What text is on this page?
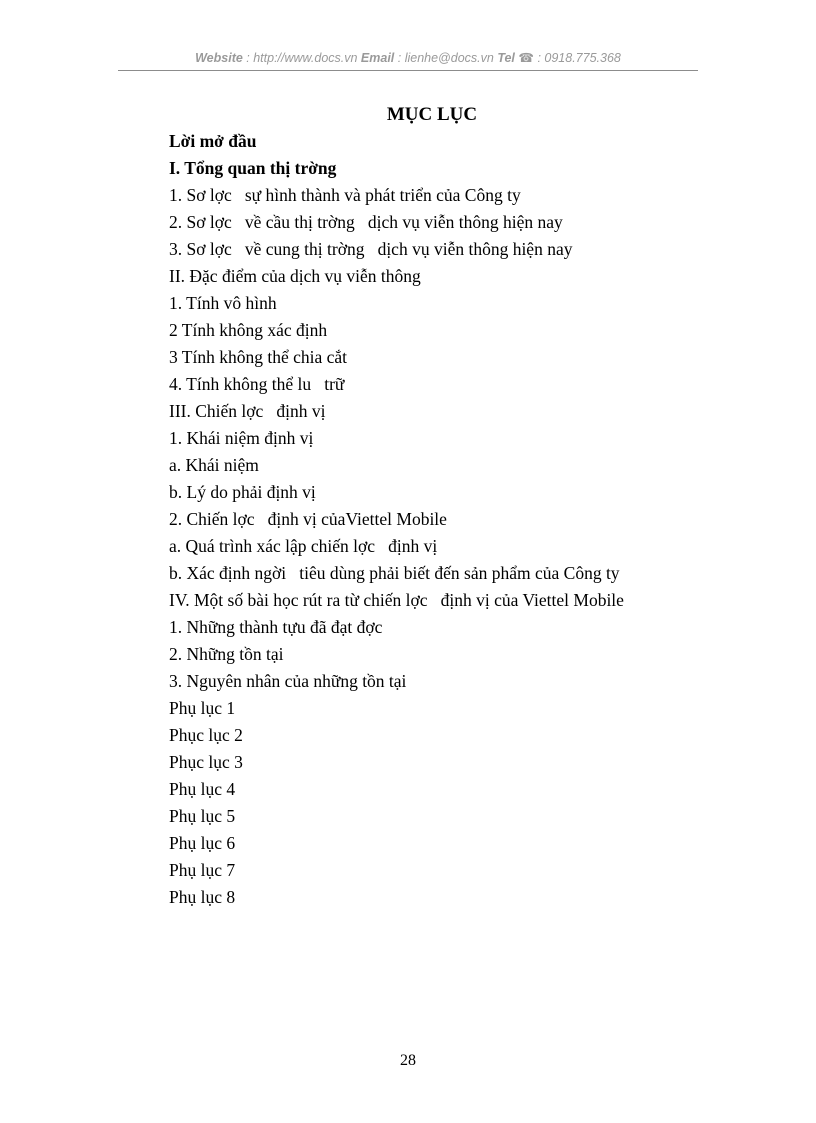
Website : http://www.docs.vn Email : lienhe@docs.vn Tel ☎ : 0918.775.368
MỤC LỤC
Lời mở đầu
I. Tổng quan thị trờng
1. Sơ lợc   sự hình thành và phát triển của Công ty
2. Sơ lợc   về cầu thị trờng   dịch vụ viễn thông hiện nay
3. Sơ lợc   về cung thị trờng   dịch vụ viễn thông hiện nay
II. Đặc điểm của dịch vụ viễn thông
1. Tính vô hình
2 Tính không xác định
3 Tính không thể chia cắt
4. Tính không thể lu   trữ
III. Chiến lợc   định vị
1. Khái niệm định vị
a. Khái niệm
b. Lý do phải định vị
2. Chiến lợc   định vị củaViettel Mobile
a. Quá trình xác lập chiến lợc   định vị
b. Xác định ngời   tiêu dùng phải biết đến sản phẩm của Công ty
IV. Một số bài học rút ra từ chiến lợc   định vị của Viettel Mobile
1. Những thành tựu đã đạt đợc
2. Những tồn tại
3. Nguyên nhân của những tồn tại
Phụ lục 1
Phục lục 2
Phục lục 3
Phụ lục 4
Phụ lục 5
Phụ lục 6
Phụ lục 7
Phụ lục 8
28
